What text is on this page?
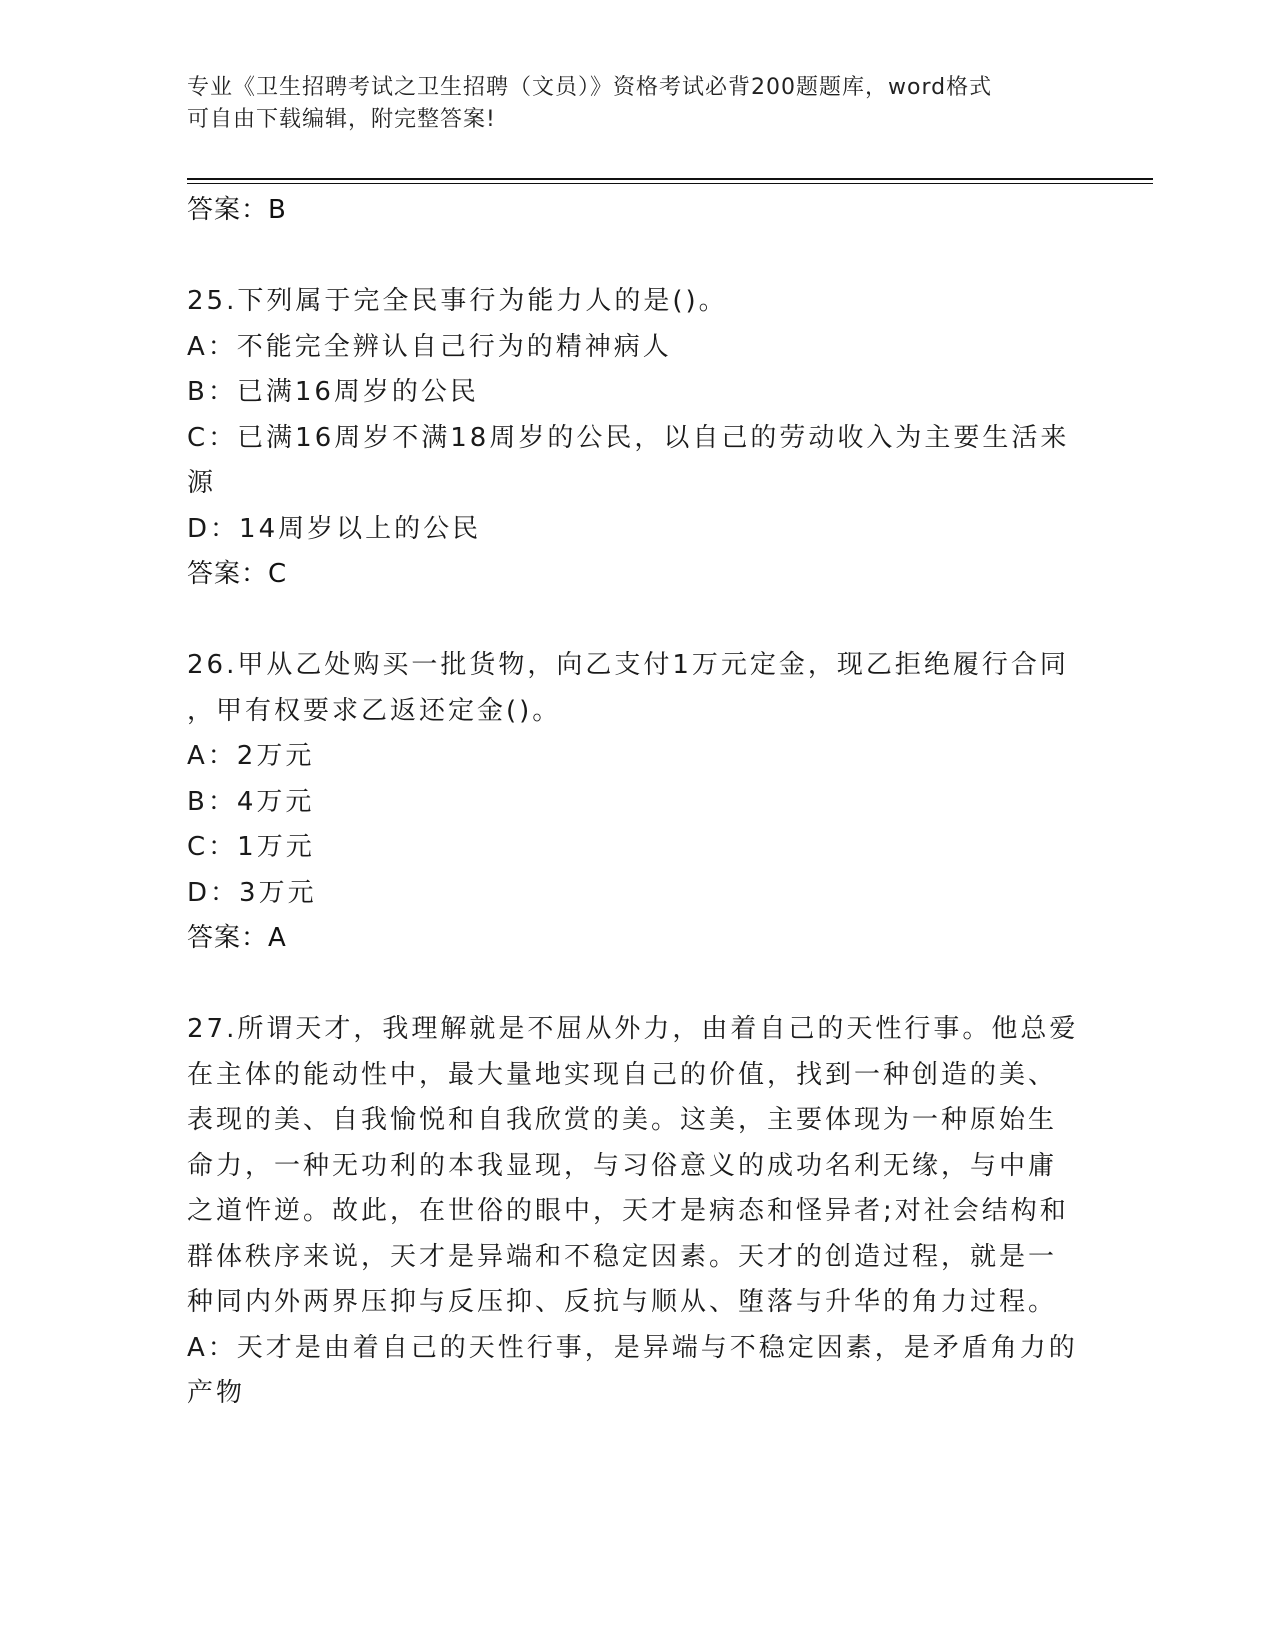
专业《卫生招聘考试之卫生招聘（文员）》资格考试必背200题题库，word格式
可自由下载编辑，附完整答案!
答案：B
25.下列属于完全民事行为能力人的是()。
A：不能完全辨认自己行为的精神病人
B：已满16周岁的公民
C：已满16周岁不满18周岁的公民，以自己的劳动收入为主要生活来
源
D：14周岁以上的公民
答案：C
26.甲从乙处购买一批货物，向乙支付1万元定金，现乙拒绝履行合同
，甲有权要求乙返还定金()。
A：2万元
B：4万元
C：1万元
D：3万元
答案：A
27.所谓天才，我理解就是不屈从外力，由着自己的天性行事。他总爱
在主体的能动性中，最大量地实现自己的价值，找到一种创造的美、
表现的美、自我愉悦和自我欣赏的美。这美，主要体现为一种原始生
命力，一种无功利的本我显现，与习俗意义的成功名利无缘，与中庸
之道忤逆。故此，在世俗的眼中，天才是病态和怪异者;对社会结构和
群体秩序来说，天才是异端和不稳定因素。天才的创造过程，就是一
种同内外两界压抑与反压抑、反抗与顺从、堕落与升华的角力过程。
A：天才是由着自己的天性行事，是异端与不稳定因素，是矛盾角力的
产物
